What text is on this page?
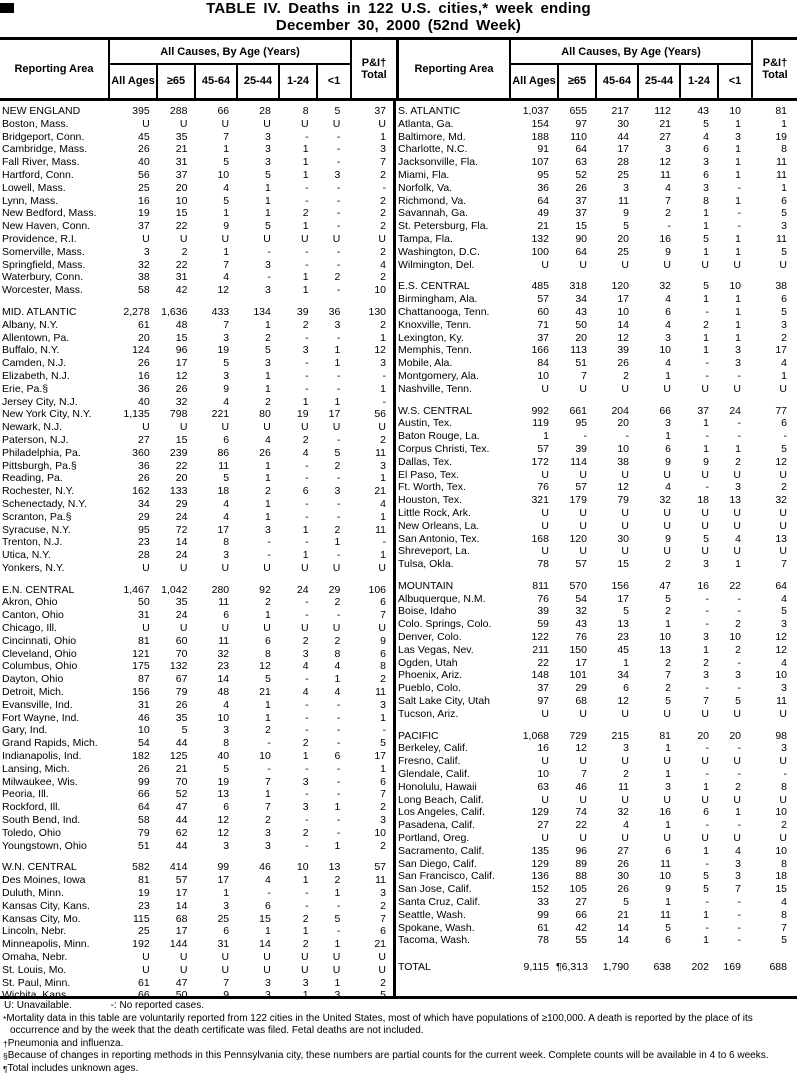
TABLE IV. Deaths in 122 U.S. cities,* week ending
December 30, 2000 (52nd Week)
Reporting Area
All Causes, By Age (Years)
All Ages	≥65	45-64	25-44	1-24	<1
P&I† Total	Reporting Area
All Causes, By Age (Years)
All Ages	≥65	45-64	25-44	1-24	<1
P&I† Total
NEW ENGLAND	395	288	66	28	8	5	37
Boston, Mass.	U	U	U	U	U	U	U
Bridgeport, Conn.	45	35	7	3	-	-	1
Cambridge, Mass.	26	21	1	3	1	-	3
Fall River, Mass.	40	31	5	3	1	-	7
Hartford, Conn.	56	37	10	5	1	3	2
Lowell, Mass.	25	20	4	1	-	-	-
Lynn, Mass.	16	10	5	1	-	-	2
New Bedford, Mass.	19	15	1	1	2	-	2
New Haven, Conn.	37	22	9	5	1	-	2
Providence, R.I.	U	U	U	U	U	U	U
Somerville, Mass.	3	2	1	-	-	-	2
Springfield, Mass.	32	22	7	3	-	-	4
Waterbury, Conn.	38	31	4	-	1	2	2
Worcester, Mass.	58	42	12	3	1	-	10
MID. ATLANTIC	2,278	1,636	433	134	39	36	130
Albany, N.Y.	61	48	7	1	2	3	2
Allentown, Pa.	20	15	3	2	-	-	1
Buffalo, N.Y.	124	96	19	5	3	1	12
Camden, N.J.	26	17	5	3	-	1	3
Elizabeth, N.J.	16	12	3	1	-	-	-
Erie, Pa.§	36	26	9	1	-	-	1
Jersey City, N.J.	40	32	4	2	1	1	-
New York City, N.Y.	1,135	798	221	80	19	17	56
Newark, N.J.	U	U	U	U	U	U	U
Paterson, N.J.	27	15	6	4	2	-	2
Philadelphia, Pa.	360	239	86	26	4	5	11
Pittsburgh, Pa.§	36	22	11	1	-	2	3
Reading, Pa.	26	20	5	1	-	-	1
Rochester, N.Y.	162	133	18	2	6	3	21
Schenectady, N.Y.	34	29	4	1	-	-	4
Scranton, Pa.§	29	24	4	1	-	-	1
Syracuse, N.Y.	95	72	17	3	1	2	11
Trenton, N.J.	23	14	8	-	-	1	-
Utica, N.Y.	28	24	3	-	1	-	1
Yonkers, N.Y.	U	U	U	U	U	U	U
E.N. CENTRAL	1,467	1,042	280	92	24	29	106
Akron, Ohio	50	35	11	2	-	2	6
Canton, Ohio	31	24	6	1	-	-	7
Chicago, Ill.	U	U	U	U	U	U	U
Cincinnati, Ohio	81	60	11	6	2	2	9
Cleveland, Ohio	121	70	32	8	3	8	6
Columbus, Ohio	175	132	23	12	4	4	8
Dayton, Ohio	87	67	14	5	-	1	2
Detroit, Mich.	156	79	48	21	4	4	11
Evansville, Ind.	31	26	4	1	-	-	3
Fort Wayne, Ind.	46	35	10	1	-	-	1
Gary, Ind.	10	5	3	2	-	-	-
Grand Rapids, Mich.	54	44	8	-	2	-	5
Indianapolis, Ind.	182	125	40	10	1	6	17
Lansing, Mich.	26	21	5	-	-	-	1
Milwaukee, Wis.	99	70	19	7	3	-	6
Peoria, Ill.	66	52	13	1	-	-	7
Rockford, Ill.	64	47	6	7	3	1	2
South Bend, Ind.	58	44	12	2	-	-	3
Toledo, Ohio	79	62	12	3	2	-	10
Youngstown, Ohio	51	44	3	3	-	1	2
W.N. CENTRAL	582	414	99	46	10	13	57
Des Moines, Iowa	81	57	17	4	1	2	11
Duluth, Minn.	19	17	1	-	-	1	3
Kansas City, Kans.	23	14	3	6	-	-	2
Kansas City, Mo.	115	68	25	15	2	5	7
Lincoln, Nebr.	25	17	6	1	1	-	6
Minneapolis, Minn.	192	144	31	14	2	1	21
Omaha, Nebr.	U	U	U	U	U	U	U
St. Louis, Mo.	U	U	U	U	U	U	U
St. Paul, Minn.	61	47	7	3	3	1	2
Wichita, Kans.	66	50	9	3	1	3	5
S. ATLANTIC	1,037	655	217	112	43	10	81
Atlanta, Ga.	154	97	30	21	5	1	1
Baltimore, Md.	188	110	44	27	4	3	19
Charlotte, N.C.	91	64	17	3	6	1	8
Jacksonville, Fla.	107	63	28	12	3	1	11
Miami, Fla.	95	52	25	11	6	1	11
Norfolk, Va.	36	26	3	4	3	-	1
Richmond, Va.	64	37	11	7	8	1	6
Savannah, Ga.	49	37	9	2	1	-	5
St. Petersburg, Fla.	21	15	5	-	1	-	3
Tampa, Fla.	132	90	20	16	5	1	11
Washington, D.C.	100	64	25	9	1	1	5
Wilmington, Del.	U	U	U	U	U	U	U
E.S. CENTRAL	485	318	120	32	5	10	38
Birmingham, Ala.	57	34	17	4	1	1	6
Chattanooga, Tenn.	60	43	10	6	-	1	5
Knoxville, Tenn.	71	50	14	4	2	1	3
Lexington, Ky.	37	20	12	3	1	1	2
Memphis, Tenn.	166	113	39	10	1	3	17
Mobile, Ala.	84	51	26	4	-	3	4
Montgomery, Ala.	10	7	2	1	-	-	1
Nashville, Tenn.	U	U	U	U	U	U	U
W.S. CENTRAL	992	661	204	66	37	24	77
Austin, Tex.	119	95	20	3	1	-	6
Baton Rouge, La.	1	-	-	1	-	-	-
Corpus Christi, Tex.	57	39	10	6	1	1	5
Dallas, Tex.	172	114	38	9	9	2	12
El Paso, Tex.	U	U	U	U	U	U	U
Ft. Worth, Tex.	76	57	12	4	-	3	2
Houston, Tex.	321	179	79	32	18	13	32
Little Rock, Ark.	U	U	U	U	U	U	U
New Orleans, La.	U	U	U	U	U	U	U
San Antonio, Tex.	168	120	30	9	5	4	13
Shreveport, La.	U	U	U	U	U	U	U
Tulsa, Okla.	78	57	15	2	3	1	7
MOUNTAIN	811	570	156	47	16	22	64
Albuquerque, N.M.	76	54	17	5	-	-	4
Boise, Idaho	39	32	5	2	-	-	5
Colo. Springs, Colo.	59	43	13	1	-	2	3
Denver, Colo.	122	76	23	10	3	10	12
Las Vegas, Nev.	211	150	45	13	1	2	12
Ogden, Utah	22	17	1	2	2	-	4
Phoenix, Ariz.	148	101	34	7	3	3	10
Pueblo, Colo.	37	29	6	2	-	-	3
Salt Lake City, Utah	97	68	12	5	7	5	11
Tucson, Ariz.	U	U	U	U	U	U	U
PACIFIC	1,068	729	215	81	20	20	98
Berkeley, Calif.	16	12	3	1	-	-	3
Fresno, Calif.	U	U	U	U	U	U	U
Glendale, Calif.	10	7	2	1	-	-	-
Honolulu, Hawaii	63	46	11	3	1	2	8
Long Beach, Calif.	U	U	U	U	U	U	U
Los Angeles, Calif.	129	74	32	16	6	1	10
Pasadena, Calif.	27	22	4	1	-	-	2
Portland, Oreg.	U	U	U	U	U	U	U
Sacramento, Calif.	135	96	27	6	1	4	10
San Diego, Calif.	129	89	26	11	-	3	8
San Francisco, Calif.	136	88	30	10	5	3	18
San Jose, Calif.	152	105	26	9	5	7	15
Santa Cruz, Calif.	33	27	5	1	-	-	4
Seattle, Wash.	99	66	21	11	1	-	8
Spokane, Wash.	61	42	14	5	-	-	7
Tacoma, Wash.	78	55	14	6	1	-	5
TOTAL	9,115 ¶6,313	1,790	638	202	169	688
U: Unavailable.	-: No reported cases.
*Mortality data in this table are voluntarily reported from 122 cities in the United States, most of which have populations of ≥100,000. A death is reported by the place of its occurrence and by the week that the death certificate was filed. Fetal deaths are not included.
†Pneumonia and influenza.
§Because of changes in reporting methods in this Pennsylvania city, these numbers are partial counts for the current week. Complete counts will be available in 4 to 6 weeks.
¶Total includes unknown ages.
